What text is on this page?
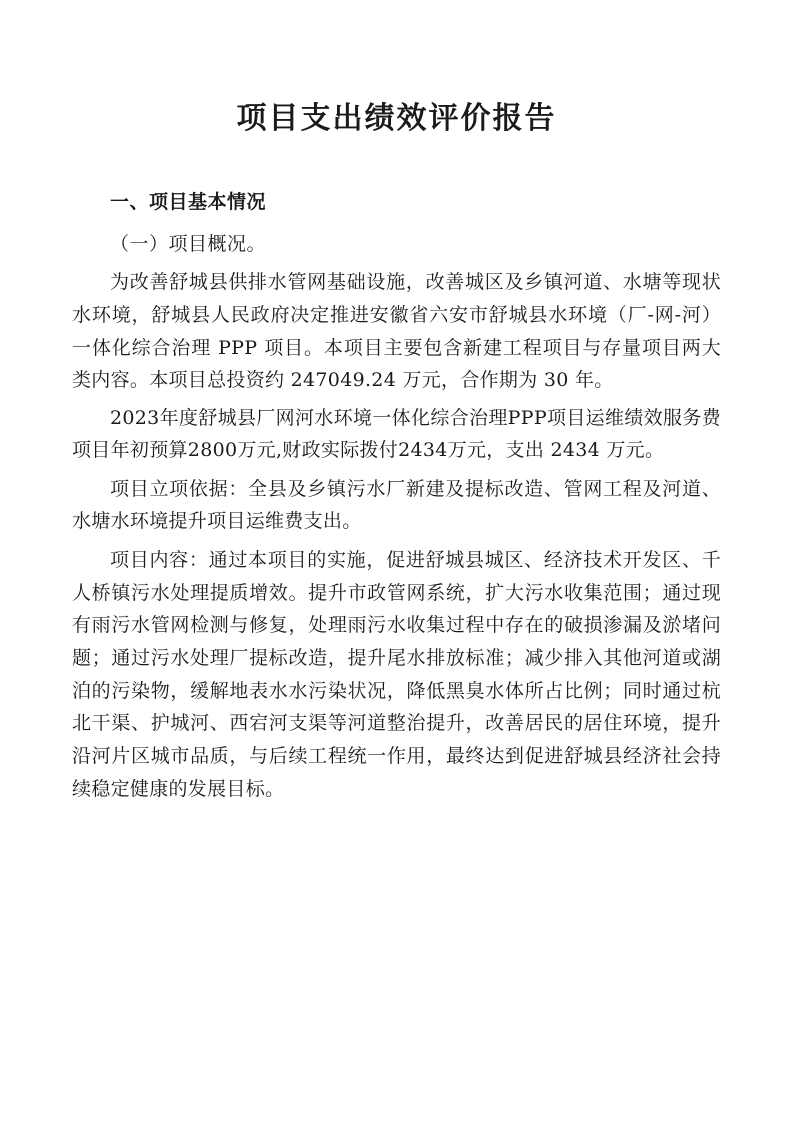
项目支出绩效评价报告
一、项目基本情况
（一）项目概况。

为改善舒城县供排水管网基础设施，改善城区及乡镇河道、水塘等现状水环境，舒城县人民政府决定推进安徽省六安市舒城县水环境（厂-网-河）一体化综合治理 PPP 项目。本项目主要包含新建工程项目与存量项目两大类内容。本项目总投资约 247049.24 万元，合作期为 30 年。

2023年度舒城县厂网河水环境一体化综合治理PPP项目运维绩效服务费项目年初预算2800万元,财政实际拨付2434万元，支出 2434 万元。

项目立项依据：全县及乡镇污水厂新建及提标改造、管网工程及河道、水塘水环境提升项目运维费支出。

项目内容：通过本项目的实施，促进舒城县城区、经济技术开发区、千人桥镇污水处理提质增效。提升市政管网系统，扩大污水收集范围；通过现有雨污水管网检测与修复，处理雨污水收集过程中存在的破损渗漏及淤堵问题；通过污水处理厂提标改造，提升尾水排放标准；减少排入其他河道或湖泊的污染物，缓解地表水水污染状况，降低黑臭水体所占比例；同时通过杭北干渠、护城河、西宕河支渠等河道整治提升，改善居民的居住环境，提升沿河片区城市品质，与后续工程统一作用，最终达到促进舒城县经济社会持续稳定健康的发展目标。
